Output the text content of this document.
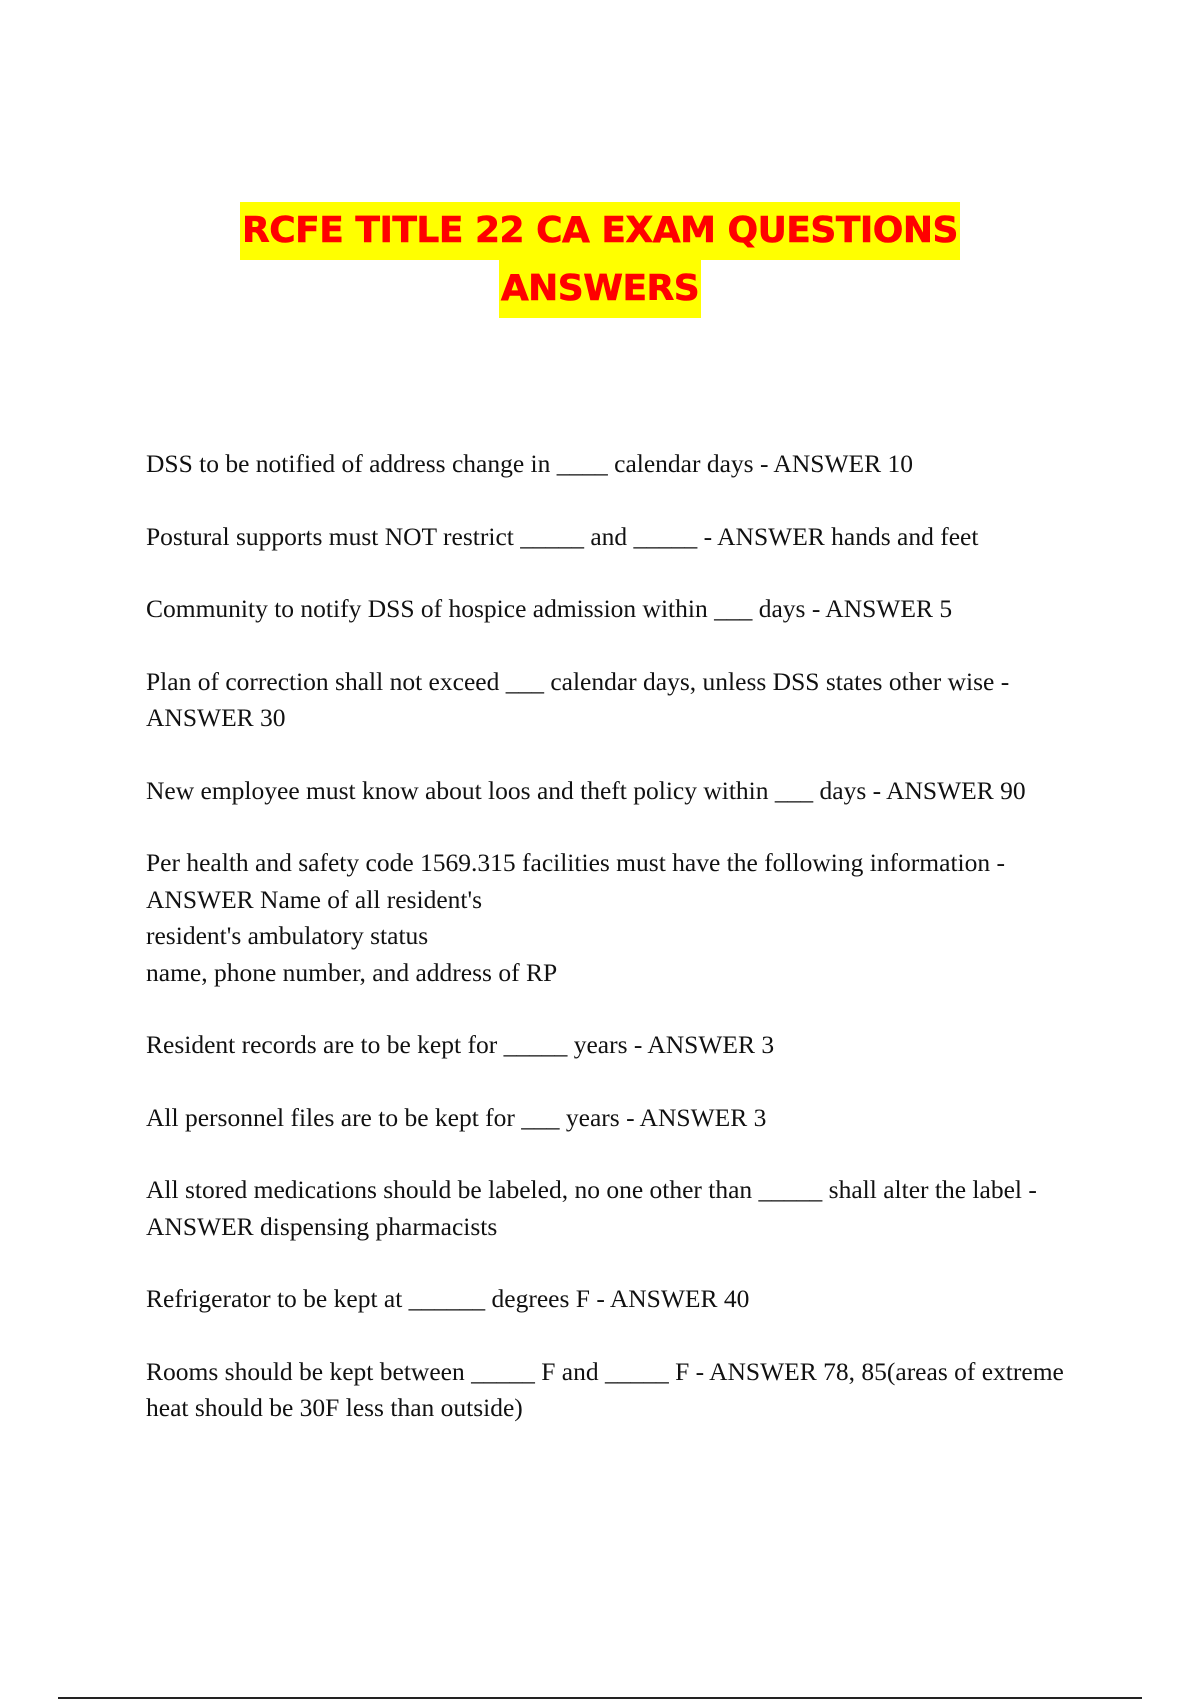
RCFE TITLE 22 CA EXAM QUESTIONS
ANSWERS

DSS to be notified of address change in ____ calendar days - ANSWER 10

Postural supports must NOT restrict _____ and _____ - ANSWER hands and feet

Community to notify DSS of hospice admission within ___ days - ANSWER 5

Plan of correction shall not exceed ___ calendar days, unless DSS states other wise - ANSWER 30

New employee must know about loos and theft policy within ___ days - ANSWER 90

Per health and safety code 1569.315 facilities must have the following information - ANSWER Name of all resident's
resident's ambulatory status
name, phone number, and address of RP

Resident records are to be kept for _____ years - ANSWER 3

All personnel files are to be kept for ___ years - ANSWER 3

All stored medications should be labeled, no one other than _____ shall alter the label - ANSWER dispensing pharmacists

Refrigerator to be kept at ______ degrees F - ANSWER 40

Rooms should be kept between _____ F and _____ F - ANSWER 78, 85(areas of extreme heat should be 30F less than outside)
